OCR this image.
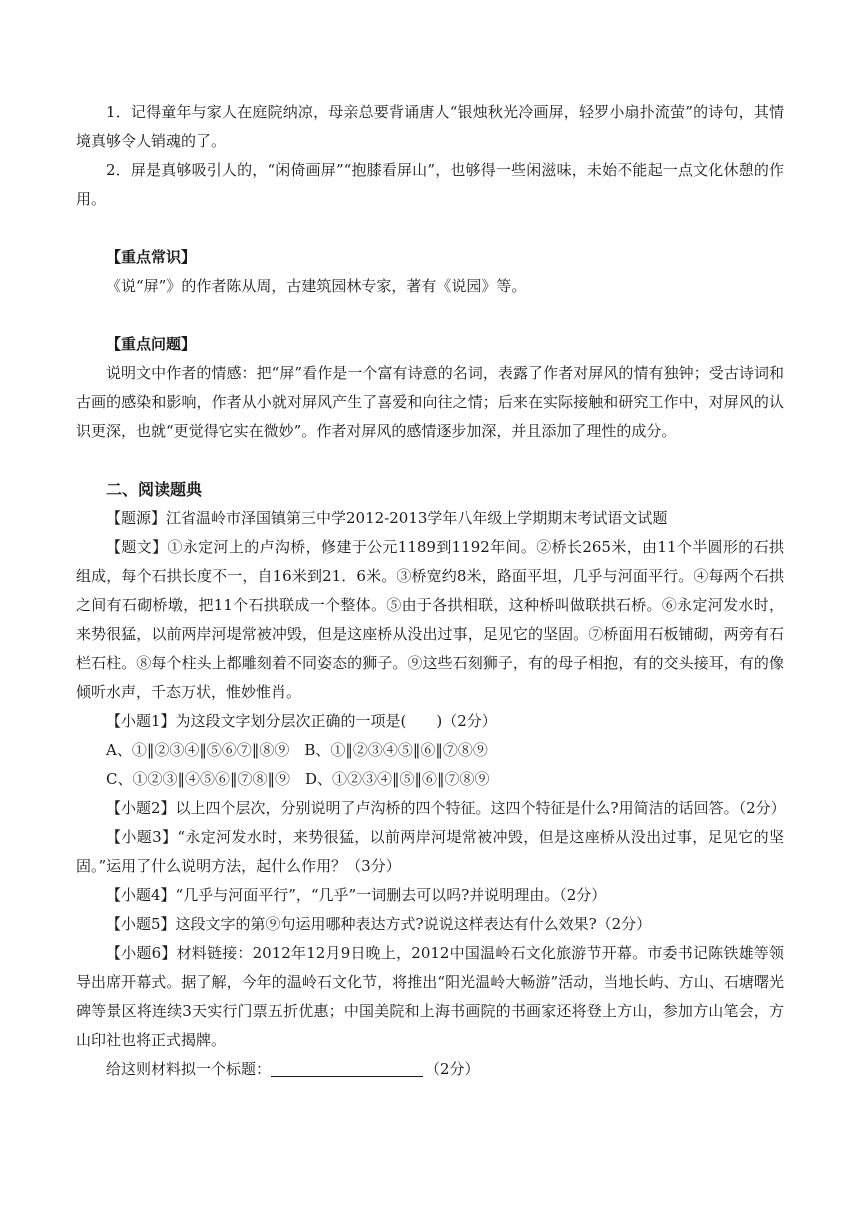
1．记得童年与家人在庭院纳凉，母亲总要背诵唐人“银烛秋光冷画屏，轻罗小扇扑流萤”的诗句，其情境真够令人销魂的了。

2．屏是真够吸引人的，“闲倚画屏”“抱膝看屏山”，也够得一些闲滋味，未始不能起一点文化休憩的作用。

【重点常识】

《说“屏”》的作者陈从周，古建筑园林专家，著有《说园》等。

【重点问题】

说明文中作者的情感：把“屏”看作是一个富有诗意的名词，表露了作者对屏风的情有独钟；受古诗词和古画的感染和影响，作者从小就对屏风产生了喜爱和向往之情；后来在实际接触和研究工作中，对屏风的认识更深，也就“更觉得它实在微妙”。作者对屏风的感情逐步加深，并且添加了理性的成分。

二、阅读题典

【题源】江省温岭市泽国镇第三中学2012-2013学年八年级上学期期末考试语文试题

【题文】①永定河上的卢沟桥，修建于公元1189到1192年间。②桥长265米，由11个半圆形的石拱组成，每个石拱长度不一，自16米到21．6米。③桥宽约8米，路面平坦，几乎与河面平行。④每两个石拱之间有石砌桥墩，把11个石拱联成一个整体。⑤由于各拱相联，这种桥叫做联拱石桥。⑥永定河发水时，来势很猛，以前两岸河堤常被冲毁，但是这座桥从没出过事，足见它的坚固。⑦桥面用石板铺砌，两旁有石栏石柱。⑧每个柱头上都雕刻着不同姿态的狮子。⑨这些石刻狮子，有的母子相抱，有的交头接耳，有的像倾听水声，千态万状，惟妙惟肖。

【小题1】为这段文字划分层次正确的一项是(　　)（2分）

A、①‖②③④‖⑤⑥⑦‖⑧⑨　B、①‖②③④⑤‖⑥‖⑦⑧⑨

C、①②③‖④⑤⑥‖⑦⑧‖⑨　D、①②③④‖⑤‖⑥‖⑦⑧⑨

【小题2】以上四个层次，分别说明了卢沟桥的四个特征。这四个特征是什么?用简洁的话回答。（2分）

【小题3】“永定河发水时，来势很猛，以前两岸河堤常被冲毁，但是这座桥从没出过事，足见它的坚固。”运用了什么说明方法，起什么作用？（3分）

【小题4】“几乎与河面平行”，“几乎”一词删去可以吗?并说明理由。（2分）

【小题5】这段文字的第⑨句运用哪种表达方式?说说这样表达有什么效果?（2分）

【小题6】材料链接：2012年12月9日晚上，2012中国温岭石文化旅游节开幕。市委书记陈铁雄等领导出席开幕式。据了解，今年的温岭石文化节，将推出“阳光温岭大畅游”活动，当地长屿、方山、石塘曙光碑等景区将连续3天实行门票五折优惠；中国美院和上海书画院的书画家还将登上方山，参加方山笔会，方山印社也将正式揭牌。

给这则材料拟一个标题：	（2分）
